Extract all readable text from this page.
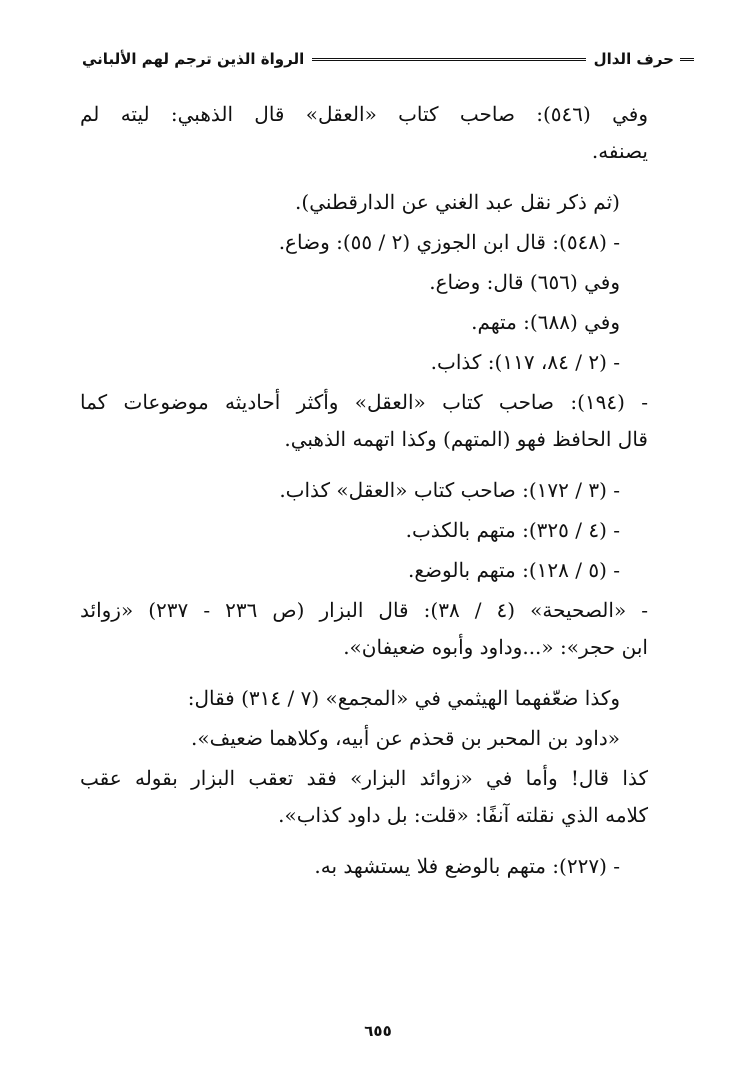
حرف الدال
الرواة الذين ترجم لهم الألباني

وفي (٥٤٦): صاحب كتاب «العقل» قال الذهبي: ليته لم

يصنفه.

(ثم ذكر نقل عبد الغني عن الدارقطني).

- (٥٤٨): قال ابن الجوزي (٢ / ٥٥): وضاع.

وفي (٦٥٦) قال: وضاع.

وفي (٦٨٨): متهم.

- (٢ / ٨٤، ١١٧): كذاب.

- (١٩٤): صاحب كتاب «العقل» وأكثر أحاديثه موضوعات كما

قال الحافظ فهو (المتهم) وكذا اتهمه الذهبي.

- (٣ / ١٧٢): صاحب كتاب «العقل» كذاب.

- (٤ / ٣٢٥): متهم بالكذب.

- (٥ / ١٢٨): متهم بالوضع.

- «الصحيحة» (٤ / ٣٨): قال البزار (ص ٢٣٦ - ٢٣٧) «زوائد

ابن حجر»: «...وداود وأبوه ضعيفان».

وكذا ضعّفهما الهيثمي في «المجمع» (٧ / ٣١٤) فقال:

«داود بن المحبر بن قحذم عن أبيه، وكلاهما ضعيف».

كذا قال! وأما في «زوائد البزار» فقد تعقب البزار بقوله عقب

كلامه الذي نقلته آنفًا: «قلت: بل داود كذاب».

- (٢٢٧): متهم بالوضع فلا يستشهد به.

٦٥٥
